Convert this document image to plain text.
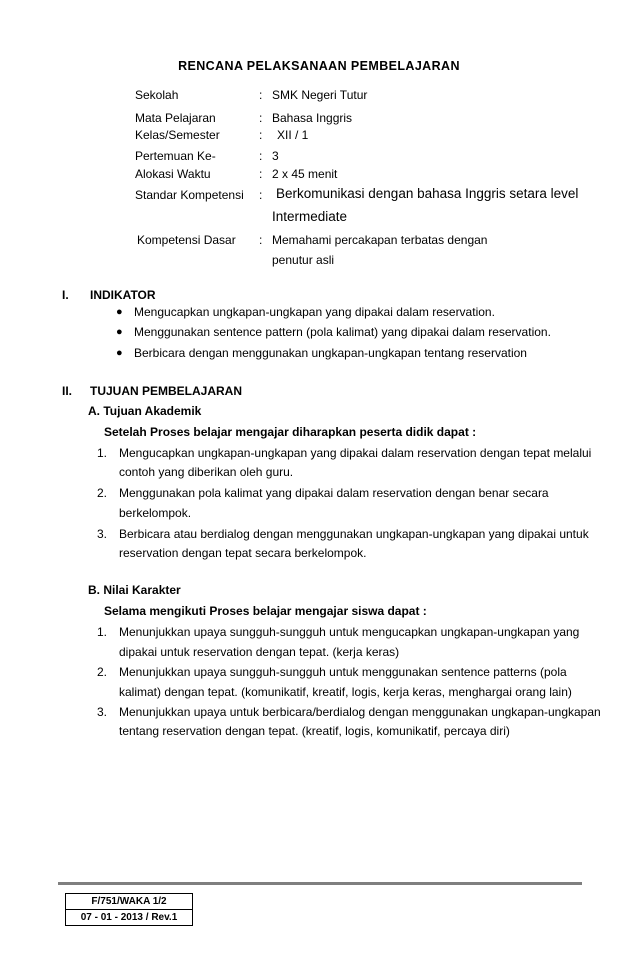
RENCANA PELAKSANAAN PEMBELAJARAN
Sekolah	: SMK Negeri Tutur
Mata Pelajaran	: Bahasa Inggris
Kelas/Semester	: XII / 1
Pertemuan Ke-	: 3
Alokasi Waktu	: 2 x 45 menit
Standar Kompetensi : Berkomunikasi dengan bahasa Inggris setara level
Intermediate
Kompetensi Dasar : Memahami percakapan terbatas dengan
penutur asli
I. INDIKATOR
● Mengucapkan ungkapan-ungkapan yang dipakai dalam reservation.
● Menggunakan sentence pattern (pola kalimat) yang dipakai dalam reservation.
● Berbicara dengan menggunakan ungkapan-ungkapan tentang reservation
II. TUJUAN PEMBELAJARAN
A. Tujuan Akademik
Setelah Proses belajar mengajar diharapkan peserta didik dapat :
1. Mengucapkan ungkapan-ungkapan yang dipakai dalam reservation dengan tepat melalui
contoh yang diberikan oleh guru.
2. Menggunakan pola kalimat yang dipakai dalam reservation dengan benar secara
berkelompok.
3. Berbicara atau berdialog dengan menggunakan ungkapan-ungkapan yang dipakai untuk
reservation dengan tepat secara berkelompok.
B. Nilai Karakter
Selama mengikuti Proses belajar mengajar siswa dapat :
1. Menunjukkan upaya sungguh-sungguh untuk mengucapkan ungkapan-ungkapan yang
dipakai untuk reservation dengan tepat. (kerja keras)
2. Menunjukkan upaya sungguh-sungguh untuk menggunakan sentence patterns (pola
kalimat) dengan tepat. (komunikatif, kreatif, logis, kerja keras, menghargai orang lain)
3. Menunjukkan upaya untuk berbicara/berdialog dengan menggunakan ungkapan-ungkapan
tentang reservation dengan tepat. (kreatif, logis, komunikatif, percaya diri)
F/751/WAKA 1/2
07 - 01 - 2013 / Rev.1
